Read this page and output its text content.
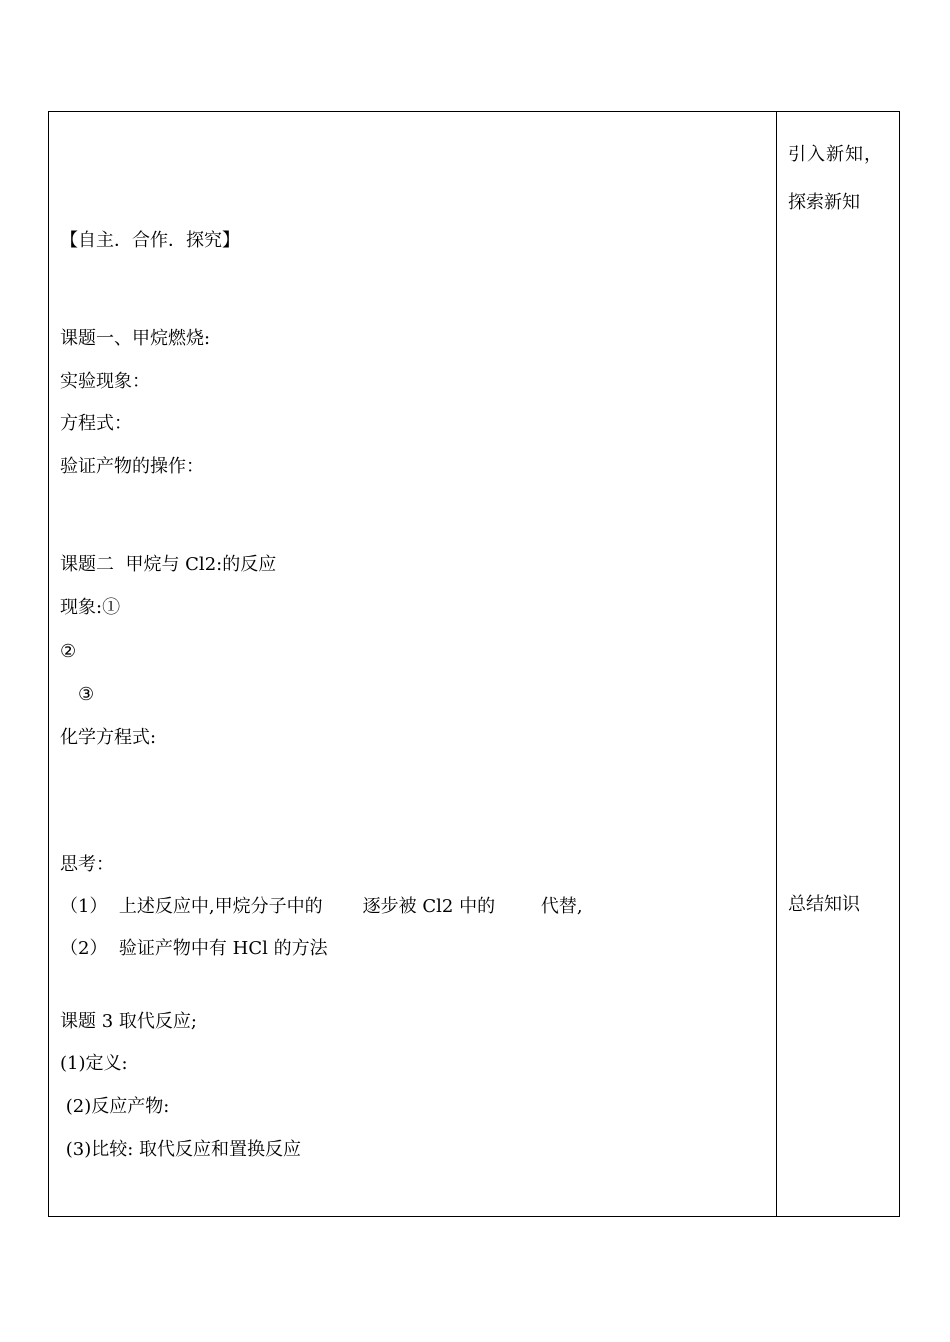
【自主．合作．探究】
课题一、甲烷燃烧:
实验现象：
方程式：
验证产物的操作：
课题二  甲烷与 Cl2:的反应
现象:①
②
③
化学方程式:
思考：
（1）  上述反应中,甲烷分子中的       逐步被 Cl2 中的        代替,
（2）  验证产物中有 HCl 的方法
课题 3 取代反应;
(1)定义:
(2)反应产物:
(3)比较: 取代反应和置换反应
引入新知，
探索新知
总结知识
